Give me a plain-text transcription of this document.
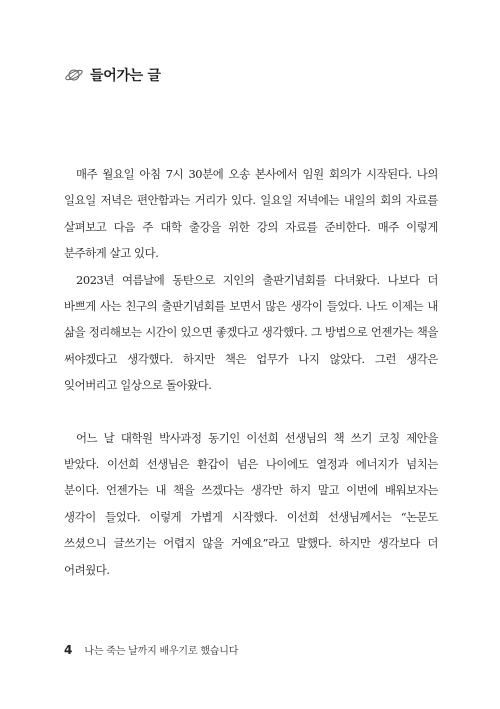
들어가는 글

매주 월요일 아침 7시 30분에 오송 본사에서 임원 회의가 시작된다. 나의 일요일 저녁은 편안함과는 거리가 있다. 일요일 저녁에는 내일의 회의 자료를 살펴보고 다음 주 대학 출강을 위한 강의 자료를 준비한다. 매주 이렇게 분주하게 살고 있다.

2023년 여름날에 동탄으로 지인의 출판기념회를 다녀왔다. 나보다 더 바쁘게 사는 친구의 출판기념회를 보면서 많은 생각이 들었다. 나도 이제는 내 삶을 정리해보는 시간이 있으면 좋겠다고 생각했다. 그 방법으로 언젠가는 책을 써야겠다고 생각했다. 하지만 책은 업무가 나지 않았다. 그런 생각은 잊어버리고 일상으로 돌아왔다.

어느 날 대학원 박사과정 동기인 이선희 선생님의 책 쓰기 코칭 제안을 받았다. 이선희 선생님은 환갑이 넘은 나이에도 열정과 에너지가 넘치는 분이다. 언젠가는 내 책을 쓰겠다는 생각만 하지 말고 이번에 배워보자는 생각이 들었다. 이렇게 가볍게 시작했다. 이선희 선생님께서는 “논문도 쓰셨으니 글쓰기는 어렵지 않을 거예요”라고 말했다. 하지만 생각보다 더 어려웠다.

4 나는 죽는 날까지 배우기로 했습니다
